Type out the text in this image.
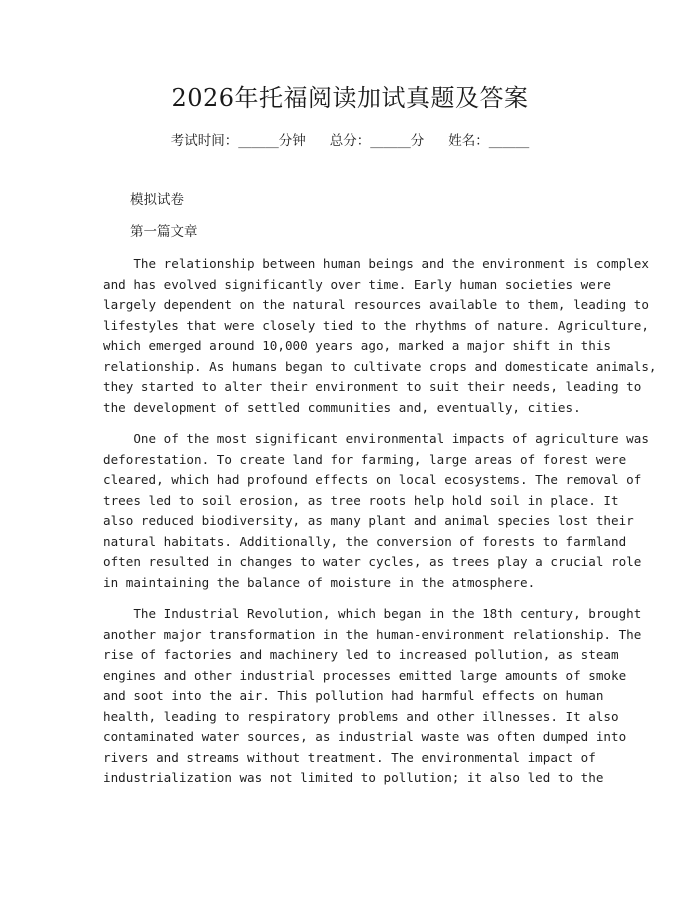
2026年托福阅读加试真题及答案
考试时间：______分钟 总分：______分 姓名：______
模拟试卷
第一篇文章

The relationship between human beings and the environment is complex
and has evolved significantly over time. Early human societies were
largely dependent on the natural resources available to them, leading to
lifestyles that were closely tied to the rhythms of nature. Agriculture,
which emerged around 10,000 years ago, marked a major shift in this
relationship. As humans began to cultivate crops and domesticate animals,
they started to alter their environment to suit their needs, leading to
the development of settled communities and, eventually, cities.

One of the most significant environmental impacts of agriculture was
deforestation. To create land for farming, large areas of forest were
cleared, which had profound effects on local ecosystems. The removal of
trees led to soil erosion, as tree roots help hold soil in place. It
also reduced biodiversity, as many plant and animal species lost their
natural habitats. Additionally, the conversion of forests to farmland
often resulted in changes to water cycles, as trees play a crucial role
in maintaining the balance of moisture in the atmosphere.

The Industrial Revolution, which began in the 18th century, brought
another major transformation in the human-environment relationship. The
rise of factories and machinery led to increased pollution, as steam
engines and other industrial processes emitted large amounts of smoke
and soot into the air. This pollution had harmful effects on human
health, leading to respiratory problems and other illnesses. It also
contaminated water sources, as industrial waste was often dumped into
rivers and streams without treatment. The environmental impact of
industrialization was not limited to pollution; it also led to the
